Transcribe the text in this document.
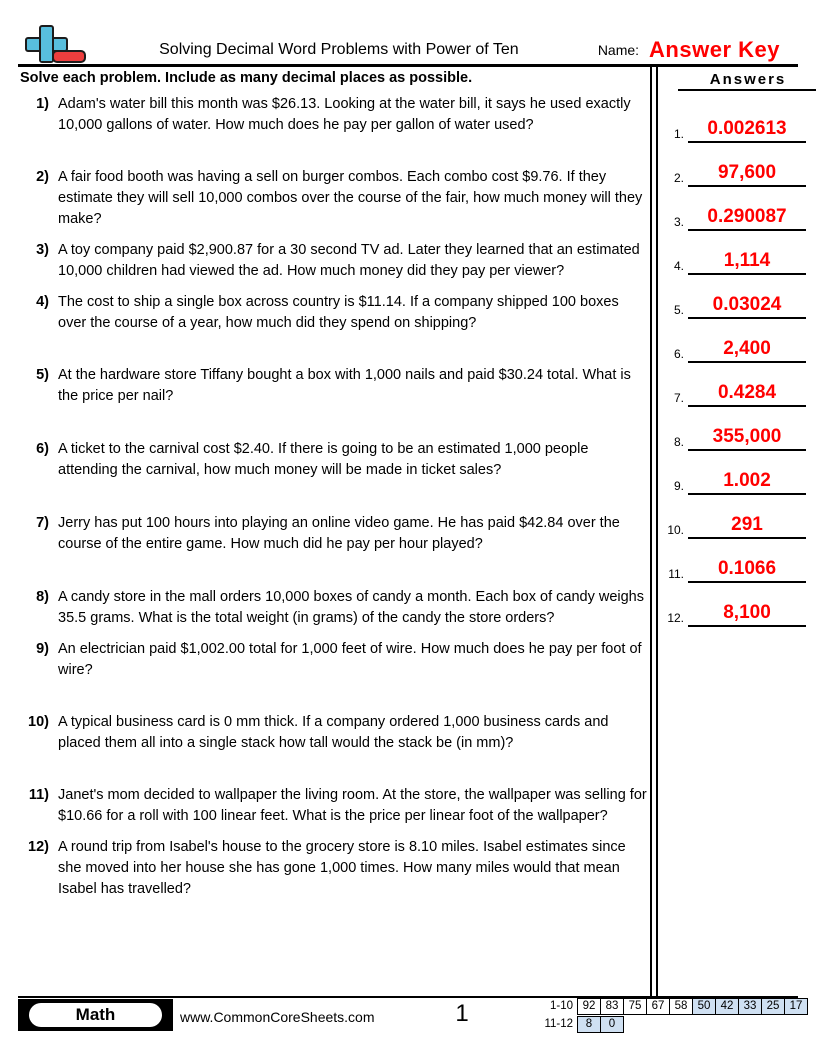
Solving Decimal Word Problems with Power of Ten	Name: Answer Key
Solve each problem. Include as many decimal places as possible.
1) Adam's water bill this month was $26.13. Looking at the water bill, it says he used exactly 10,000 gallons of water. How much does he pay per gallon of water used?
2) A fair food booth was having a sell on burger combos. Each combo cost $9.76. If they estimate they will sell 10,000 combos over the course of the fair, how much money will they make?
3) A toy company paid $2,900.87 for a 30 second TV ad. Later they learned that an estimated 10,000 children had viewed the ad. How much money did they pay per viewer?
4) The cost to ship a single box across country is $11.14. If a company shipped 100 boxes over the course of a year, how much did they spend on shipping?
5) At the hardware store Tiffany bought a box with 1,000 nails and paid $30.24 total. What is the price per nail?
6) A ticket to the carnival cost $2.40. If there is going to be an estimated 1,000 people attending the carnival, how much money will be made in ticket sales?
7) Jerry has put 100 hours into playing an online video game. He has paid $42.84 over the course of the entire game. How much did he pay per hour played?
8) A candy store in the mall orders 10,000 boxes of candy a month. Each box of candy weighs 35.5 grams. What is the total weight (in grams) of the candy the store orders?
9) An electrician paid $1,002.00 total for 1,000 feet of wire. How much does he pay per foot of wire?
10) A typical business card is 0 mm thick. If a company ordered 1,000 business cards and placed them all into a single stack how tall would the stack be (in mm)?
11) Janet's mom decided to wallpaper the living room. At the store, the wallpaper was selling for $10.66 for a roll with 100 linear feet. What is the price per linear foot of the wallpaper?
12) A round trip from Isabel's house to the grocery store is 8.10 miles. Isabel estimates since she moved into her house she has gone 1,000 times. How many miles would that mean Isabel has travelled?
Answers
1.	0.002613
2.	97,600
3.	0.290087
4.	1,114
5.	0.03024
6.	2,400
7.	0.4284
8.	355,000
9.	1.002
10.	291
11.	0.1066
12.	8,100
Math	www.CommonCoreSheets.com	1	1-10 92 83 75 67 58 50 42 33 25 17
11-12	8	0
